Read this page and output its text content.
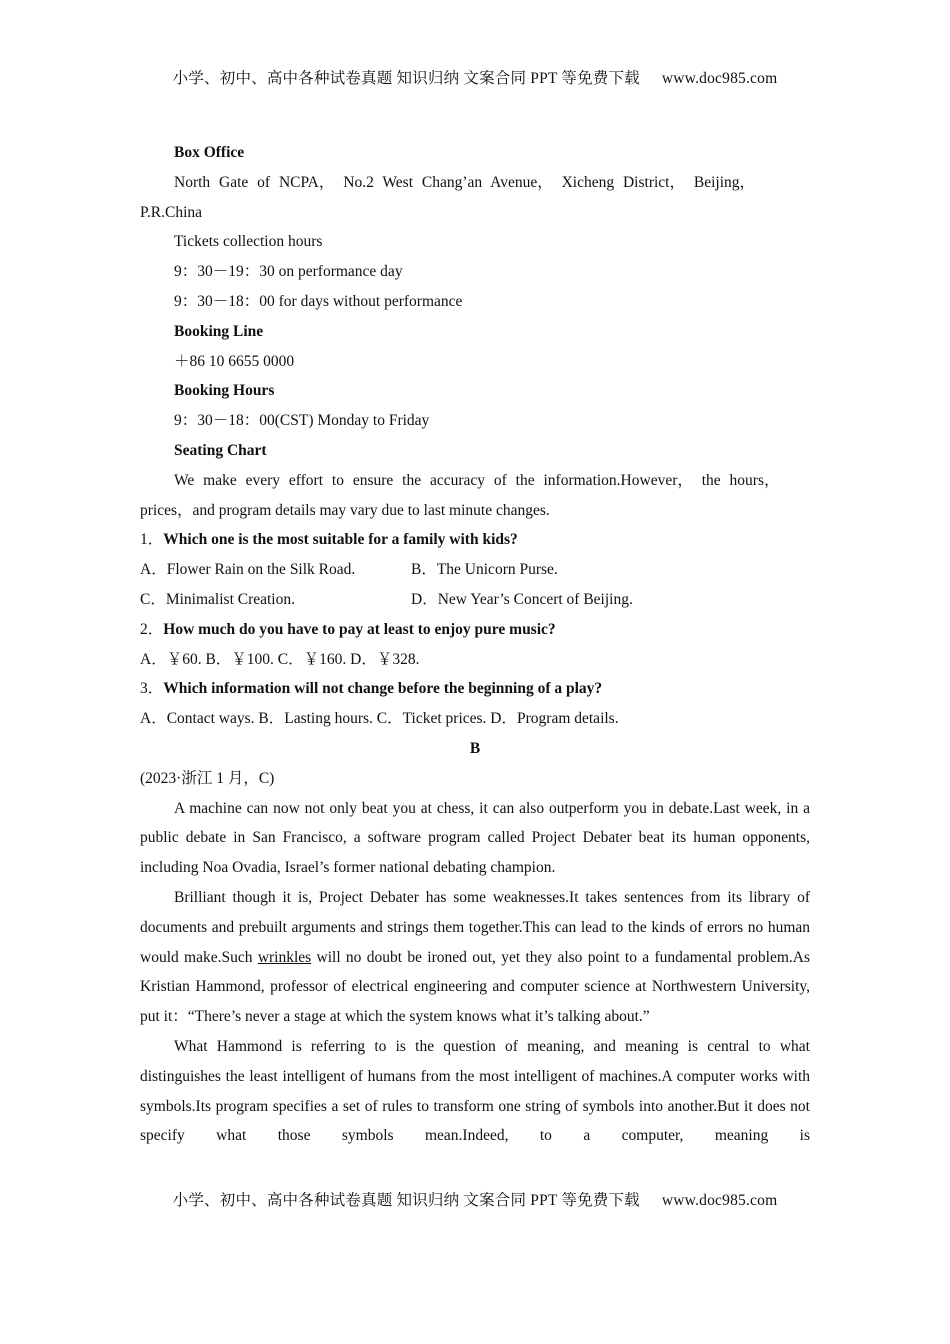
小学、初中、高中各种试卷真题 知识归纳 文案合同 PPT 等免费下载 www.doc985.com
Box Office
North Gate of NCPA， No.2 West Chang’an Avenue， Xicheng District， Beijing，
P.R.China
Tickets collection hours
9：30－19：30 on performance day
9：30－18：00 for days without performance
Booking Line
＋86 10 6655 0000
Booking Hours
9：30－18：00(CST) Monday to Friday
Seating Chart
We make every effort to ensure the accuracy of the information.However， the hours，
prices，and program details may vary due to last minute changes.
1．Which one is the most suitable for a family with kids?
A．Flower Rain on the Silk Road.	B．The Unicorn Purse.
C．Minimalist Creation.	D．New Year’s Concert of Beijing.
2．How much do you have to pay at least to enjoy pure music?
A．￥60. B．￥100. C．￥160. D．￥328.
3．Which information will not change before the beginning of a play?
A．Contact ways. B．Lasting hours. C．Ticket prices. D．Program details.
B
(2023·浙江 1 月，C)

A machine can now not only beat you at chess, it can also outperform you in debate.Last week, in a public debate in San Francisco, a software program called Project Debater beat its human opponents, including Noa Ovadia, Israel’s former national debating champion.

Brilliant though it is, Project Debater has some weaknesses.It takes sentences from its library of documents and prebuilt arguments and strings them together.This can lead to the kinds of errors no human would make.Such wrinkles will no doubt be ironed out, yet they also point to a fundamental problem.As Kristian Hammond, professor of electrical engineering and computer science at Northwestern University, put it：“There’s never a stage at which the system knows what it’s talking about.”

What Hammond is referring to is the question of meaning, and meaning is central to what distinguishes the least intelligent of humans from the most intelligent of machines.A computer works with symbols.Its program specifies a set of rules to transform one string of symbols into another.But it does not specify what those symbols mean.Indeed, to a computer, meaning is

小学、初中、高中各种试卷真题 知识归纳 文案合同 PPT 等免费下载 www.doc985.com
